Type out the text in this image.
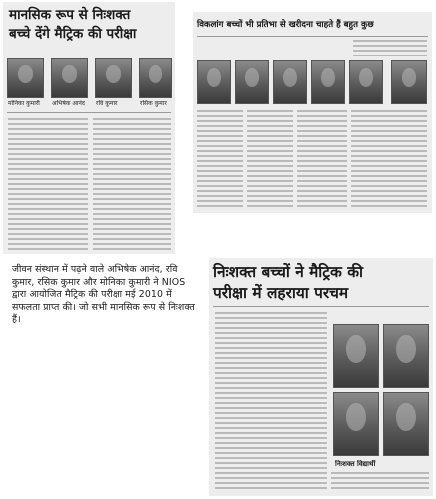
मानसिक रूप से निःशक्त
बच्चे देंगे मैट्रिक की परीक्षा
मोनिका कुमारी	अभिषेक आनंद	रवि कुमार	रसिक कुमार
विकलांग बच्चों भी प्रतिभा से खरीदना चाहते हैं बहुत कुछ

जीवन संस्थान में पढ़ने वाले अभिषेक आनंद, रवि कुमार, रसिक कुमार और मोनिका कुमारी ने NIOS द्वारा आयोजित मैट्रिक की परीक्षा मई 2010 में सफलता प्राप्त की। जो सभी मानसिक रूप से निःशक्त हैं।

निःशक्त बच्चों ने मैट्रिक की
परीक्षा में लहराया परचम
निःशक्त विद्यार्थी
